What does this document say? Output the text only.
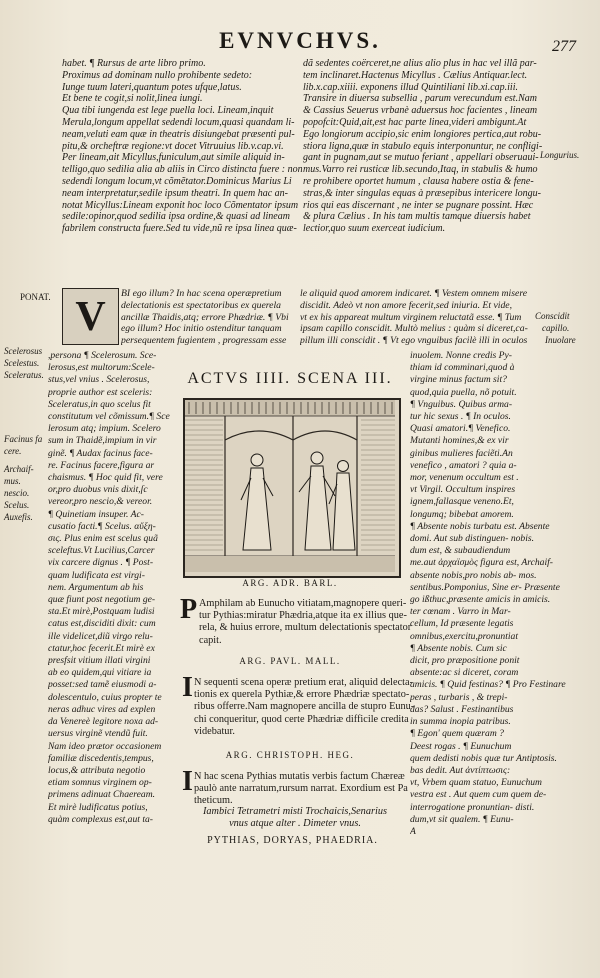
EVNVCHVS.	277
habet. ¶ Rursus de arte libro primo.
Proximus ad dominam nullo prohibente sedeto:
Iunge tuum lateri,quantum potes ufque,latus.
Et bene te cogit,si nolit,linea iungi.
Qua tibi iungenda est lege puella loci. Lineam,inquit
Merula,longum appellat sedendi locum,quasi quandam li-
neam,veluti eam quæ in theatris disiungebat præsenti pul-
pitu,& orcheftræ regione:vt docet Vitruuius lib.v.cap.vi.
Per lineam,ait Micyllus,funiculum,aut simile aliquid in-
telligo,quo sedilia alia ab aliis in Circo distincta fuere : non
sedendi longum locum,vt cõmẽtator.Dominicus Marius Li
neam interpretatur,sedile ipsum theatri. In quem hac an-
notat Micyllus:Lineam exponit hoc loco Cõmentator ipsum
sedile:opinor,quod sedilia ipsa ordine,& quasi ad lineam
fabrilem constructa fuere.Sed tu vide,nũ re ipsa linea quæ-
dã sedentes coërceret,ne alius alio plus in hac vel illã par-
tem inclinaret.Hactenus Micyllus . Cælius Antiquar.lect.
lib.x.cap.xiiii. exponens illud Quintiliani lib.xi.cap.iii.
Transire in diuersa subsellia , parum verecundum est.Nam
& Cassius Seuerus vrbanè aduersus hoc facientes , lineam
popofcit:Quid,ait,est hac parte linea,videri ambigunt.At
Ego longiorum accipio,sic enim longiores pertica,aut robu-
stiora ligna,quæ in stabulo equis interponuntur, ne confligi-
gant in pugnam,aut se mutuo feriant , appellari obseruaui-
mus.Varro rei rusticæ lib.secundo,Itaq, in stabulis & humo
re prohibere oportet humum , clausa habere ostia & fene-
stras,& inter singulas equas à præsepibus intericere longu-
rios qui eas discernant , ne inter se pugnare possint. Hæc
& plura Cælius . In his tam multis tamque diuersis habet
lectior,quo suum exerceat iudicium.
Longurius.
PONAT. V
BI ego illum? In hac scena operæpretium
delectationis est spectatoribus ex querela
ancillæ Thaidis,atq; errore Phædriæ. ¶ Vbi
ego illum? Hoc initio ostenditur tanquam
persequentem fugientem , progressam esse
le aliquid quod amorem indicaret. ¶ Vestem omnem misere
discidit. Adeò vt non amore fecerit,sed iniuria. Et vide,
vt ex his appareat multum virginem reluctatã esse. ¶ Tum
ipsam capillo conscidit. Multò melius : quàm si diceret,ca-
pillum illi conscidit . ¶ Vt ego vnguibus facilè illi in oculos
Conscidit
capillo.
Inuolare
ACTVS IIII. SCENA III.
Scelerosus
Scelestus.
Sceleratus.
Facinus fa
cere.
Archaif-
mus.
nescio.
Scelus.
Auxefis.
,persona ¶ Scelerosum. Sce-
lerosus,est multorum:Scele-
stus,vel vnius . Scelerosus,
proprie author est sceleris:
Sceleratus,in quo scelus fit
constitutum vel cõmissum.¶ Sce
lerosum atq; impium. Scelero
sum in Thaidẽ,impium in vir
ginẽ. ¶ Audax facinus face-
re. Facinus facere,figura ar
chaismus. ¶ Hoc quid fit, vere
or,pro duobus vnis dixit,ſc
vereor,pro nescio,& vereor.
¶ Quinetiam insuper. Ac-
cusatio facti.¶ Scelus. αὔξη-
σις. Plus enim est scelus quã
sceleftus.Vt Lucilius,Carcer
vix carcere dignus . ¶ Post-
quam ludificata est virgi-
nem. Argumentum ab his
quæ fiunt post negotium ge-
sta.Et mirè,Postquam ludisi
catus est,disciditi dixit: cum
ille videlicet,diũ virgo relu-
ctatur,hoc fecerit.Et mirè ex
presfsit vitium illati virgini
ab eo quidem,qui vitiare ia
posset:sed tamẽ eiusmodi a-
dolescentulo, cuius propter te
neras adhuc vires ad explen
da Venereè legitore noxa ad-
uersus virginẽ vtendũ fuit.
Nam ideo prætor occasionem
familiæ discedentis,tempus,
locus,& attributa negotio
etiam somnus virginem op-
primens adinuat Chaeream.
Et mirè ludificatus potius,
quàm complexus est,aut ta-
inuolem. Nonne credis Py-
thiam id comminari,quod à
virgine minus factum sit?
quod,quia puella, nõ potuit.
¶ Vnguibus. Quibus arma-
tur hic sexus . ¶ In oculos.
Quasi amatori.¶ Venefico.
Mutanti homines,& ex vir
ginibus mulieres faciẽti.An
venefico , amatori ? quia a-
mor, venenum occultum est .
vt Virgil. Occultum inspires
ignem,fallasque veneno.Et,
longumq; bibebat amorem.
¶ Absente nobis turbatu est. Absente
domi. Aut sub distinguen- nobis.
dum est, & subaudiendum
me.aut ἀρχαϊσμὸς figura est, Archaif-
absente nobis,pro nobis ab- mos.
sentibus.Pomponius, Sine er- Præsente
go ißthuc,præsente amicis in amicis.
ter cœnam . Varro in Mar-
cellum, Id præsente legatis
omnibus,exercitu,pronuntiat
¶ Absente nobis. Cum sic
dicit, pro præpositione ponit
absente:ac si diceret, coram
amicis. ¶ Quid festinas? ¶ Pro Festinare
peras , turbaris , & trepi-
das? Salust . Festinantibus
in summa inopia patribus.
¶ Egon' quem quæram ?
Deest rogas . ¶ Eunuchum
quem dedisti nobis quæ tur Antiptosis.
bas dedit. Aut ἀντίπτωσις:
vt, Vrbem quam statuo, Eunuchum
vestra est . Aut quem cum quem de-
interrogatione pronuntian- disti.
dum,vt sit qualem. ¶ Eunu-
A
ARG. ADR. BARL.
P Amphilam ab Eunucho vitiatam,magnopere queri-
tur Pythias:miratur Phædria,atque ita ex illius que-
rela, & huius errore, multum delectationis spectator
capit.
ARG. PAVL. MALL.
I N sequenti scena operæ pretium erat, aliquid delecta-
tionis ex querela Pythiæ,& errore Phædriæ spectato-
ribus offerre.Nam magnopere ancilla de stupro Eunu-
chi conqueritur, quod certe Phædriæ difficile credita
videbatur.
ARG. CHRISTOPH. HEG.
I N hac scena Pythias mutatis verbis factum Chæreæ
paulò ante narratum,rursum narrat. Exordium est Pa
theticum.
Iambici Tetrametri misti Trochaicis,Senarius
vnus atque alter . Dimeter vnus.
PYTHIAS, DORYAS, PHAEDRIA.
